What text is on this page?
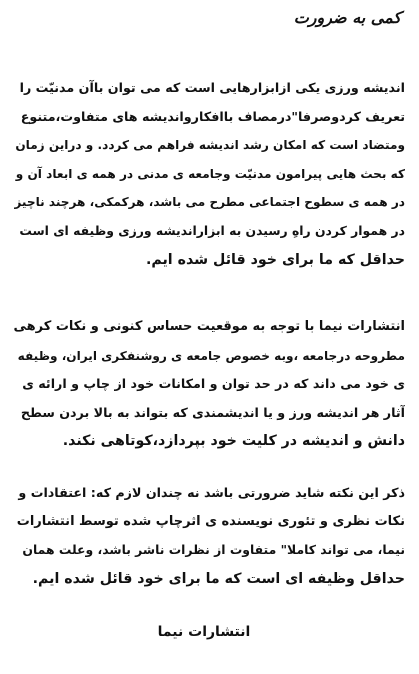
کمی به ضرورت
اندیشه ورزی یکی ازابزارهایی است که می توان باآن مدنیّت را
تعریف کردوصرفا"درمصاف باافکارواندیشه های متفاوت،متنوع
ومتضاد است که امکان رشد اندیشه فراهم می کردد. و دراین زمان
که بحث هایی پیرامون مدنیّت وجامعه ی مدنی در همه ی ابعاد آن و
در همه ی سطوح اجتماعی مطرح می باشد، هرکمکی، هرچند ناچیز
در هموار کردن راهِ رسیدن به ابزاراندیشه ورزی وظیفه ای است
حداقل که ما برای خود قائل شده ایم.
انتشارات نیما با توجه به موقعیت حساس کنونی و نکات کرهی
مطروحه درجامعه ،وبه خصوص جامعه ی روشنفکری ایران، وظیفه
ی خود می داند که در حد توان و امکانات خود از چاپ و ارائه ی
آثار هر اندیشه ورز و یا اندیشمندی که بتواند به بالا بردن سطح
دانش و اندیشه در کلیت خود بپردازد،کوتاهی نکند.
ذکر این نکته شاید ضرورتی باشد نه چندان لازم که: اعتقادات و
نکات نظری و تئوری نویسنده ی اثرچاپ شده توسط انتشارات
نیما، می تواند کاملا" متفاوت از نظرات ناشر باشد، وعلت همان
حداقل وظیفه ای است که ما برای خود قائل شده ایم.
انتشارات نیما
